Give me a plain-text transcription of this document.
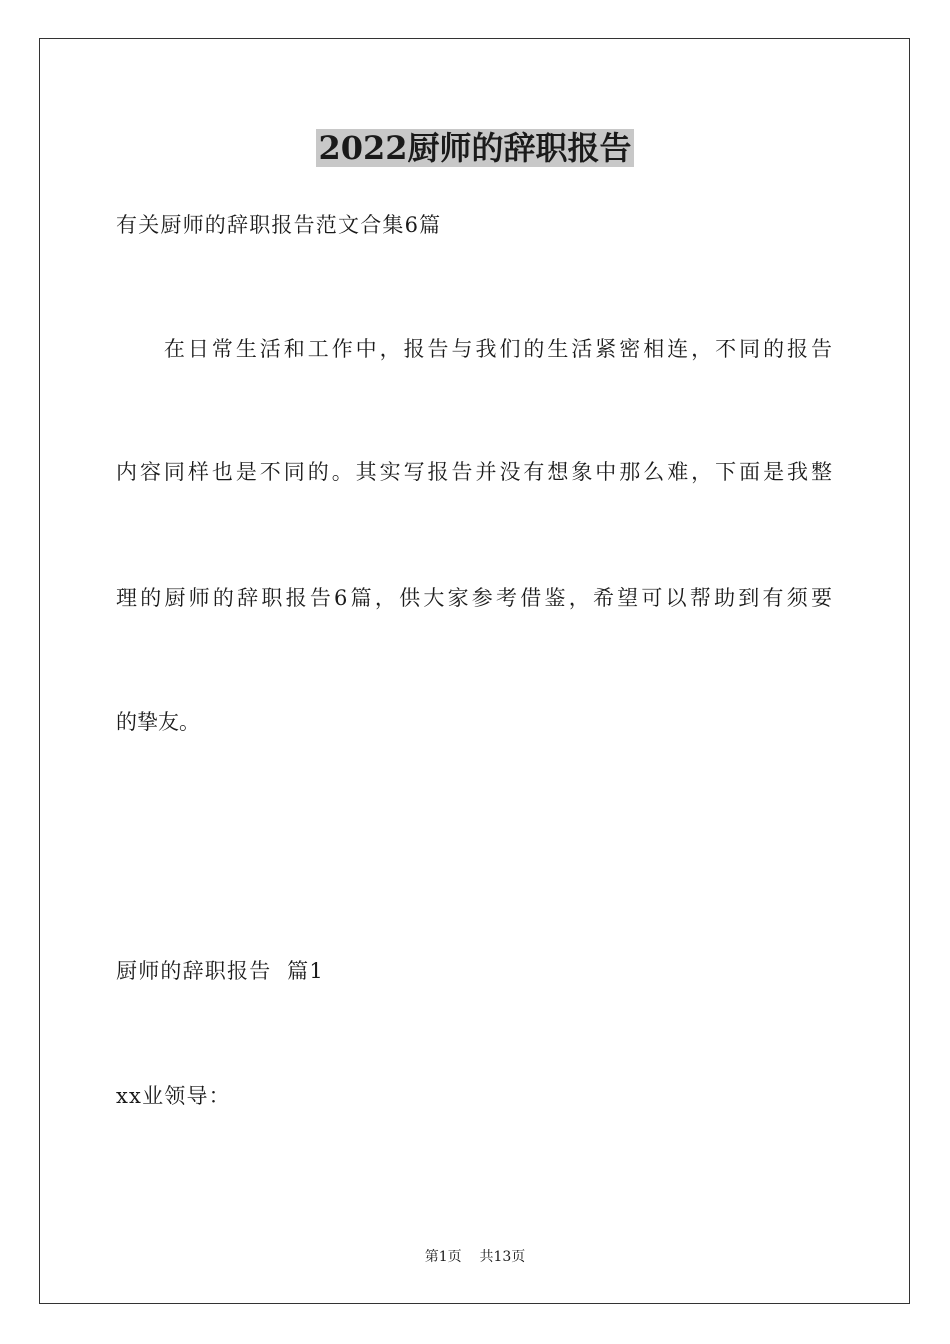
2022厨师的辞职报告
有关厨师的辞职报告范文合集6篇
　　在日常生活和工作中，报告与我们的生活紧密相连，不同的报告
内容同样也是不同的。其实写报告并没有想象中那么难，下面是我整
理的厨师的辞职报告6篇，供大家参考借鉴，希望可以帮助到有须要
的挚友。
厨师的辞职报告  篇1
xx业领导：
第1页    共13页
